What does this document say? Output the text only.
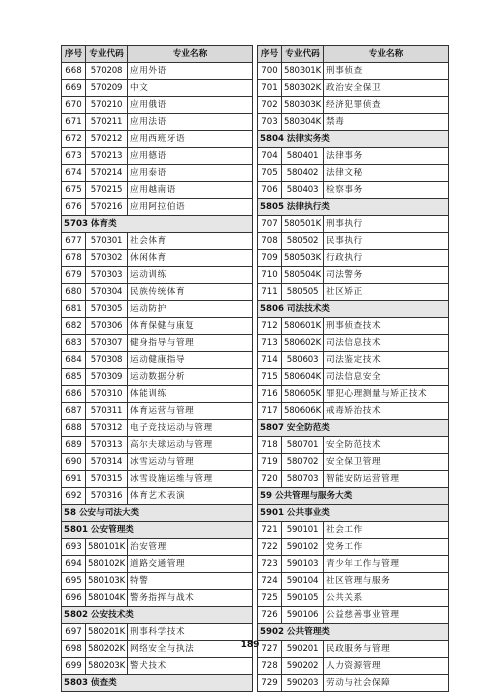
序号	专业代码	专业名称
668	570208	应用外语
669	570209	中文
670	570210	应用俄语
671	570211	应用法语
672	570212	应用西班牙语
673	570213	应用德语
674	570214	应用泰语
675	570215	应用越南语
676	570216	应用阿拉伯语
5703 体育类		
677	570301	社会体育
678	570302	休闲体育
679	570303	运动训练
680	570304	民族传统体育
681	570305	运动防护
682	570306	体育保健与康复
683	570307	健身指导与管理
684	570308	运动健康指导
685	570309	运动数据分析
686	570310	体能训练
687	570311	体育运营与管理
688	570312	电子竞技运动与管理
689	570313	高尔夫球运动与管理
690	570314	冰雪运动与管理
691	570315	冰雪设施运维与管理
692	570316	体育艺术表演
58 公安与司法大类		
5801 公安管理类		
693	580101K	治安管理
694	580102K	道路交通管理
695	580103K	特警
696	580104K	警务指挥与战术
5802 公安技术类		
697	580201K	刑事科学技术
698	580202K	网络安全与执法
699	580203K	警犬技术
5803 侦查类		
序号	专业代码	专业名称
700	580301K	刑事侦查
701	580302K	政治安全保卫
702	580303K	经济犯罪侦查
703	580304K	禁毒
5804 法律实务类		
704	580401	法律事务
705	580402	法律文秘
706	580403	检察事务
5805 法律执行类		
707	580501K	刑事执行
708	580502	民事执行
709	580503K	行政执行
710	580504K	司法警务
711	580505	社区矫正
5806 司法技术类		
712	580601K	刑事侦查技术
713	580602K	司法信息技术
714	580603	司法鉴定技术
715	580604K	司法信息安全
716	580605K	罪犯心理测量与矫正技术
717	580606K	戒毒矫治技术
5807 安全防范类		
718	580701	安全防范技术
719	580702	安全保卫管理
720	580703	智能安防运营管理
59 公共管理与服务大类		
5901 公共事业类		
721	590101	社会工作
722	590102	党务工作
723	590103	青少年工作与管理
724	590104	社区管理与服务
725	590105	公共关系
726	590106	公益慈善事业管理
5902 公共管理类		
727	590201	民政服务与管理
728	590202	人力资源管理
729	590203	劳动与社会保障
189
